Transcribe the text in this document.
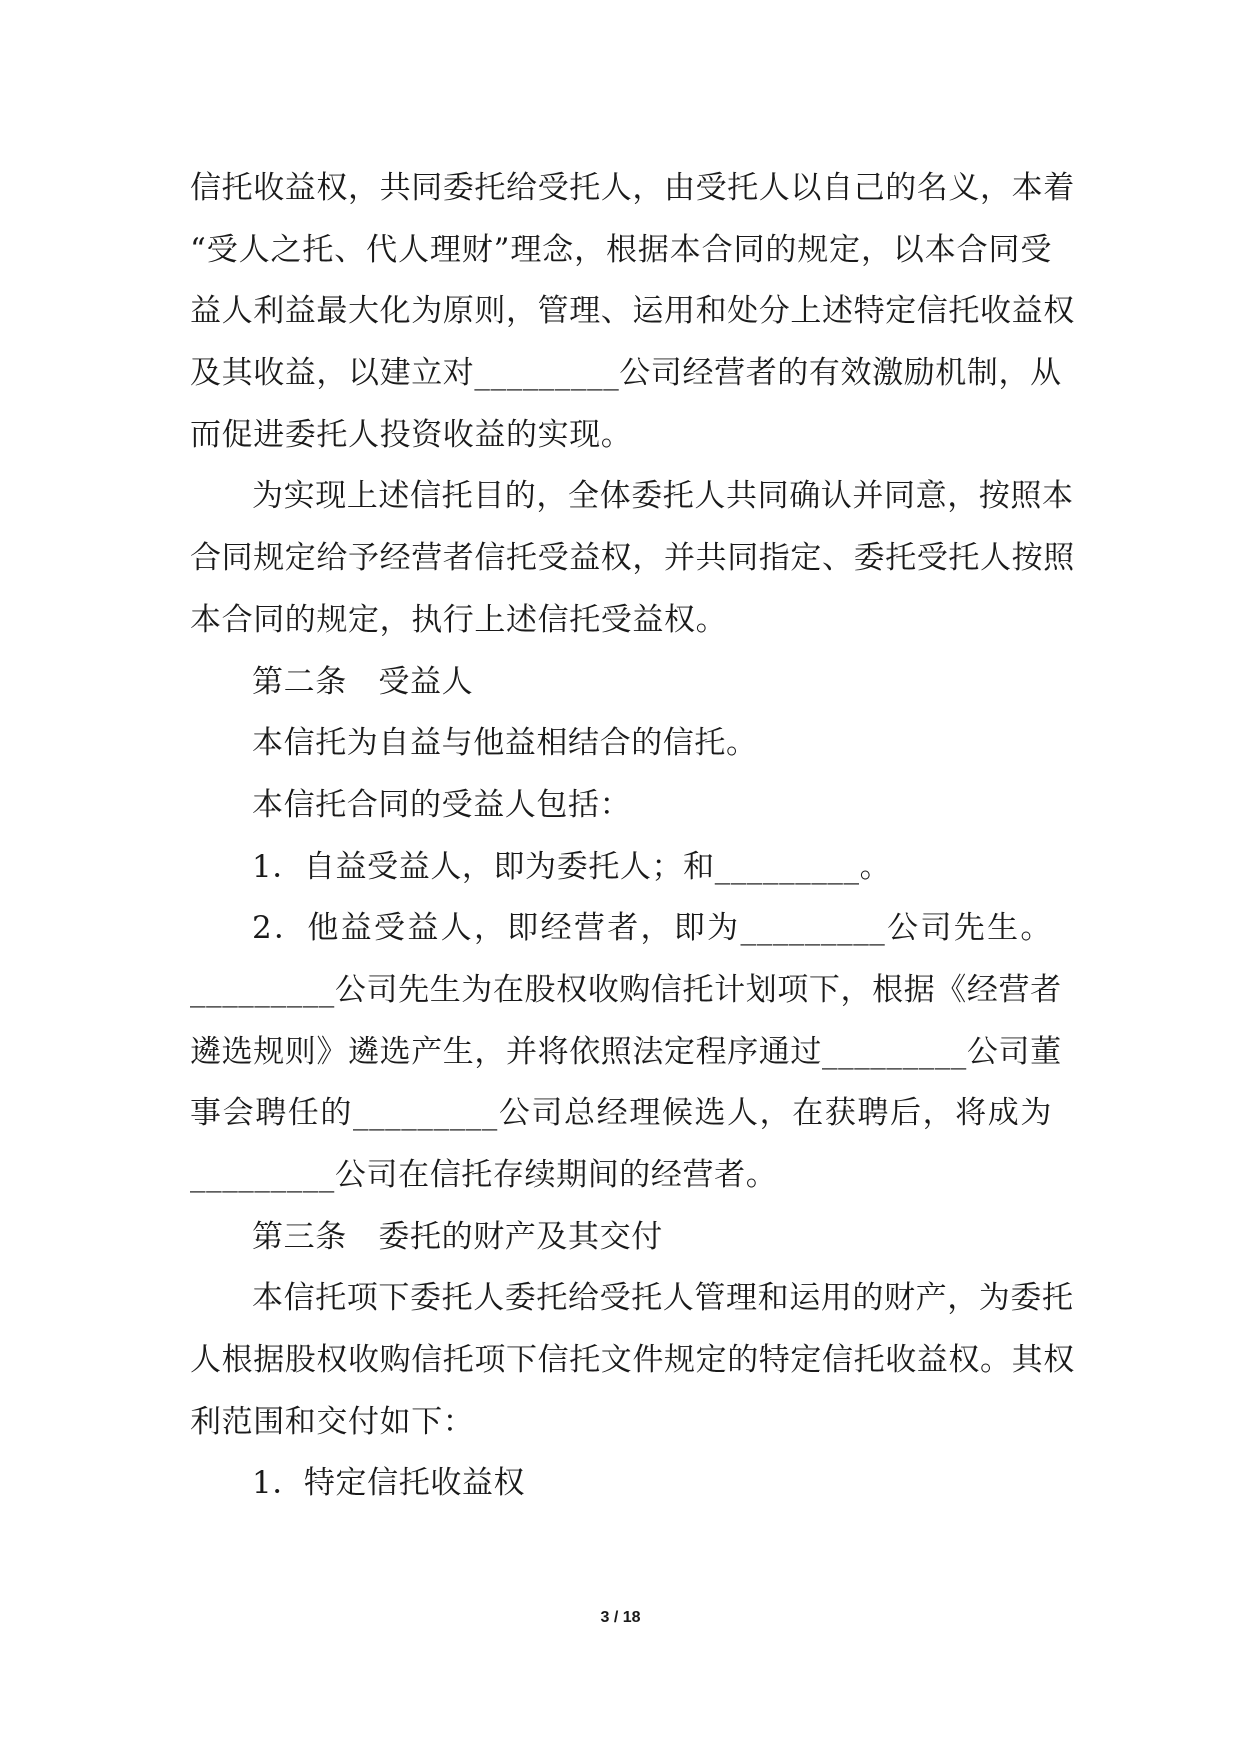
信托收益权，共同委托给受托人，由受托人以自己的名义，本着
“受人之托、代人理财”理念，根据本合同的规定，以本合同受
益人利益最大化为原则，管理、运用和处分上述特定信托收益权
及其收益，以建立对_________公司经营者的有效激励机制，从
而促进委托人投资收益的实现。
为实现上述信托目的，全体委托人共同确认并同意，按照本
合同规定给予经营者信托受益权，并共同指定、委托受托人按照
本合同的规定，执行上述信托受益权。
第二条　受益人
本信托为自益与他益相结合的信托。
本信托合同的受益人包括：
1．自益受益人，即为委托人；和_________。
2．他益受益人，即经营者，即为_________公司先生。
_________公司先生为在股权收购信托计划项下，根据《经营者
遴选规则》遴选产生，并将依照法定程序通过_________公司董
事会聘任的_________公司总经理候选人，在获聘后，将成为
_________公司在信托存续期间的经营者。
第三条　委托的财产及其交付
本信托项下委托人委托给受托人管理和运用的财产，为委托
人根据股权收购信托项下信托文件规定的特定信托收益权。其权
利范围和交付如下：
1．特定信托收益权
3 / 18
